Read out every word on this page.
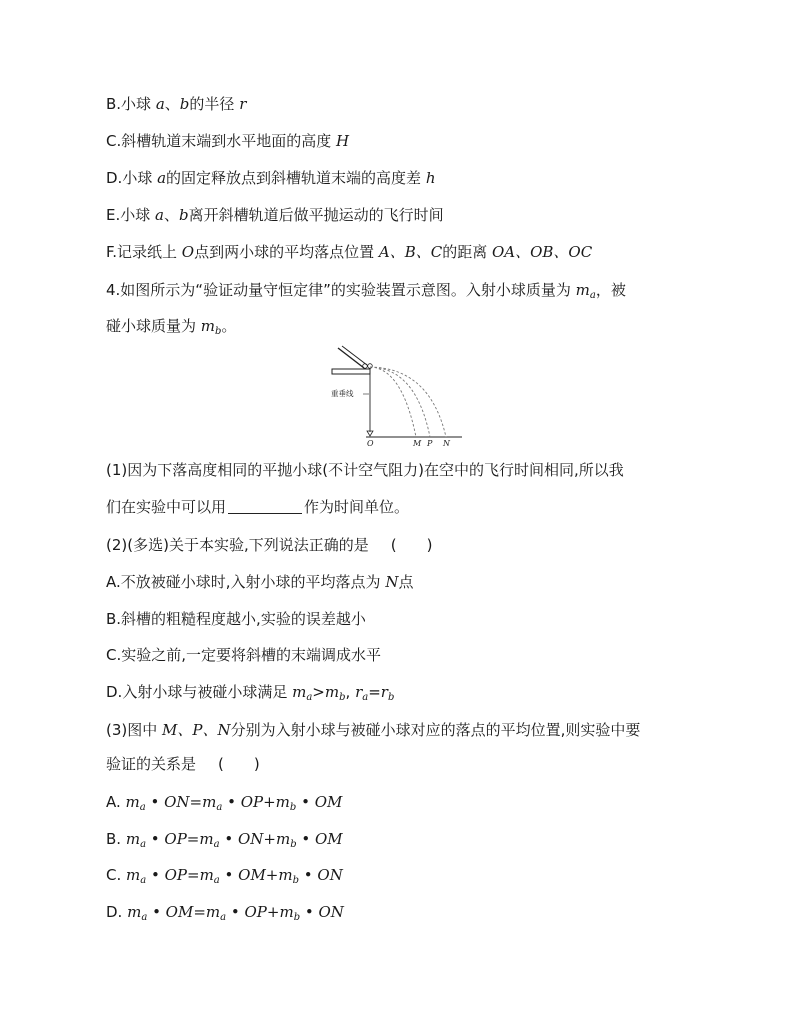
B.小球 a、b的半径 r
C.斜槽轨道末端到水平地面的高度 H
D.小球 a的固定释放点到斜槽轨道末端的高度差 h
E.小球 a、b离开斜槽轨道后做平抛运动的飞行时间
F.记录纸上 O点到两小球的平均落点位置 A、B、C的距离 OA、OB、OC
4.如图所示为“验证动量守恒定律”的实验装置示意图。入射小球质量为 $m_a$，被
碰小球质量为 $m_b$。
重垂线
O	M P N
(1)因为下落高度相同的平抛小球(不计空气阻力)在空中的飞行时间相同,所以我
们在实验中可以用	作为时间单位。
(2)(多选)关于本实验,下列说法正确的是 (　　)
A.不放被碰小球时,入射小球的平均落点为 N点
B.斜槽的粗糙程度越小,实验的误差越小
C.实验之前,一定要将斜槽的末端调成水平
D.入射小球与被碰小球满足 $m_a>m_b$, $r_a=r_b$
(3)图中 M、P、N分别为入射小球与被碰小球对应的落点的平均位置,则实验中要
验证的关系是 (　　)
A. $m_a$ • $ON=m_a$ • $OP+m_b$ • OM
B. $m_a$ • $OP=m_a$ • $ON+m_b$ • OM
C. $m_a$ • $OP=m_a$ • $OM+m_b$ • ON
D. $m_a$ • $OM=m_a$ • $OP+m_b$ • ON
